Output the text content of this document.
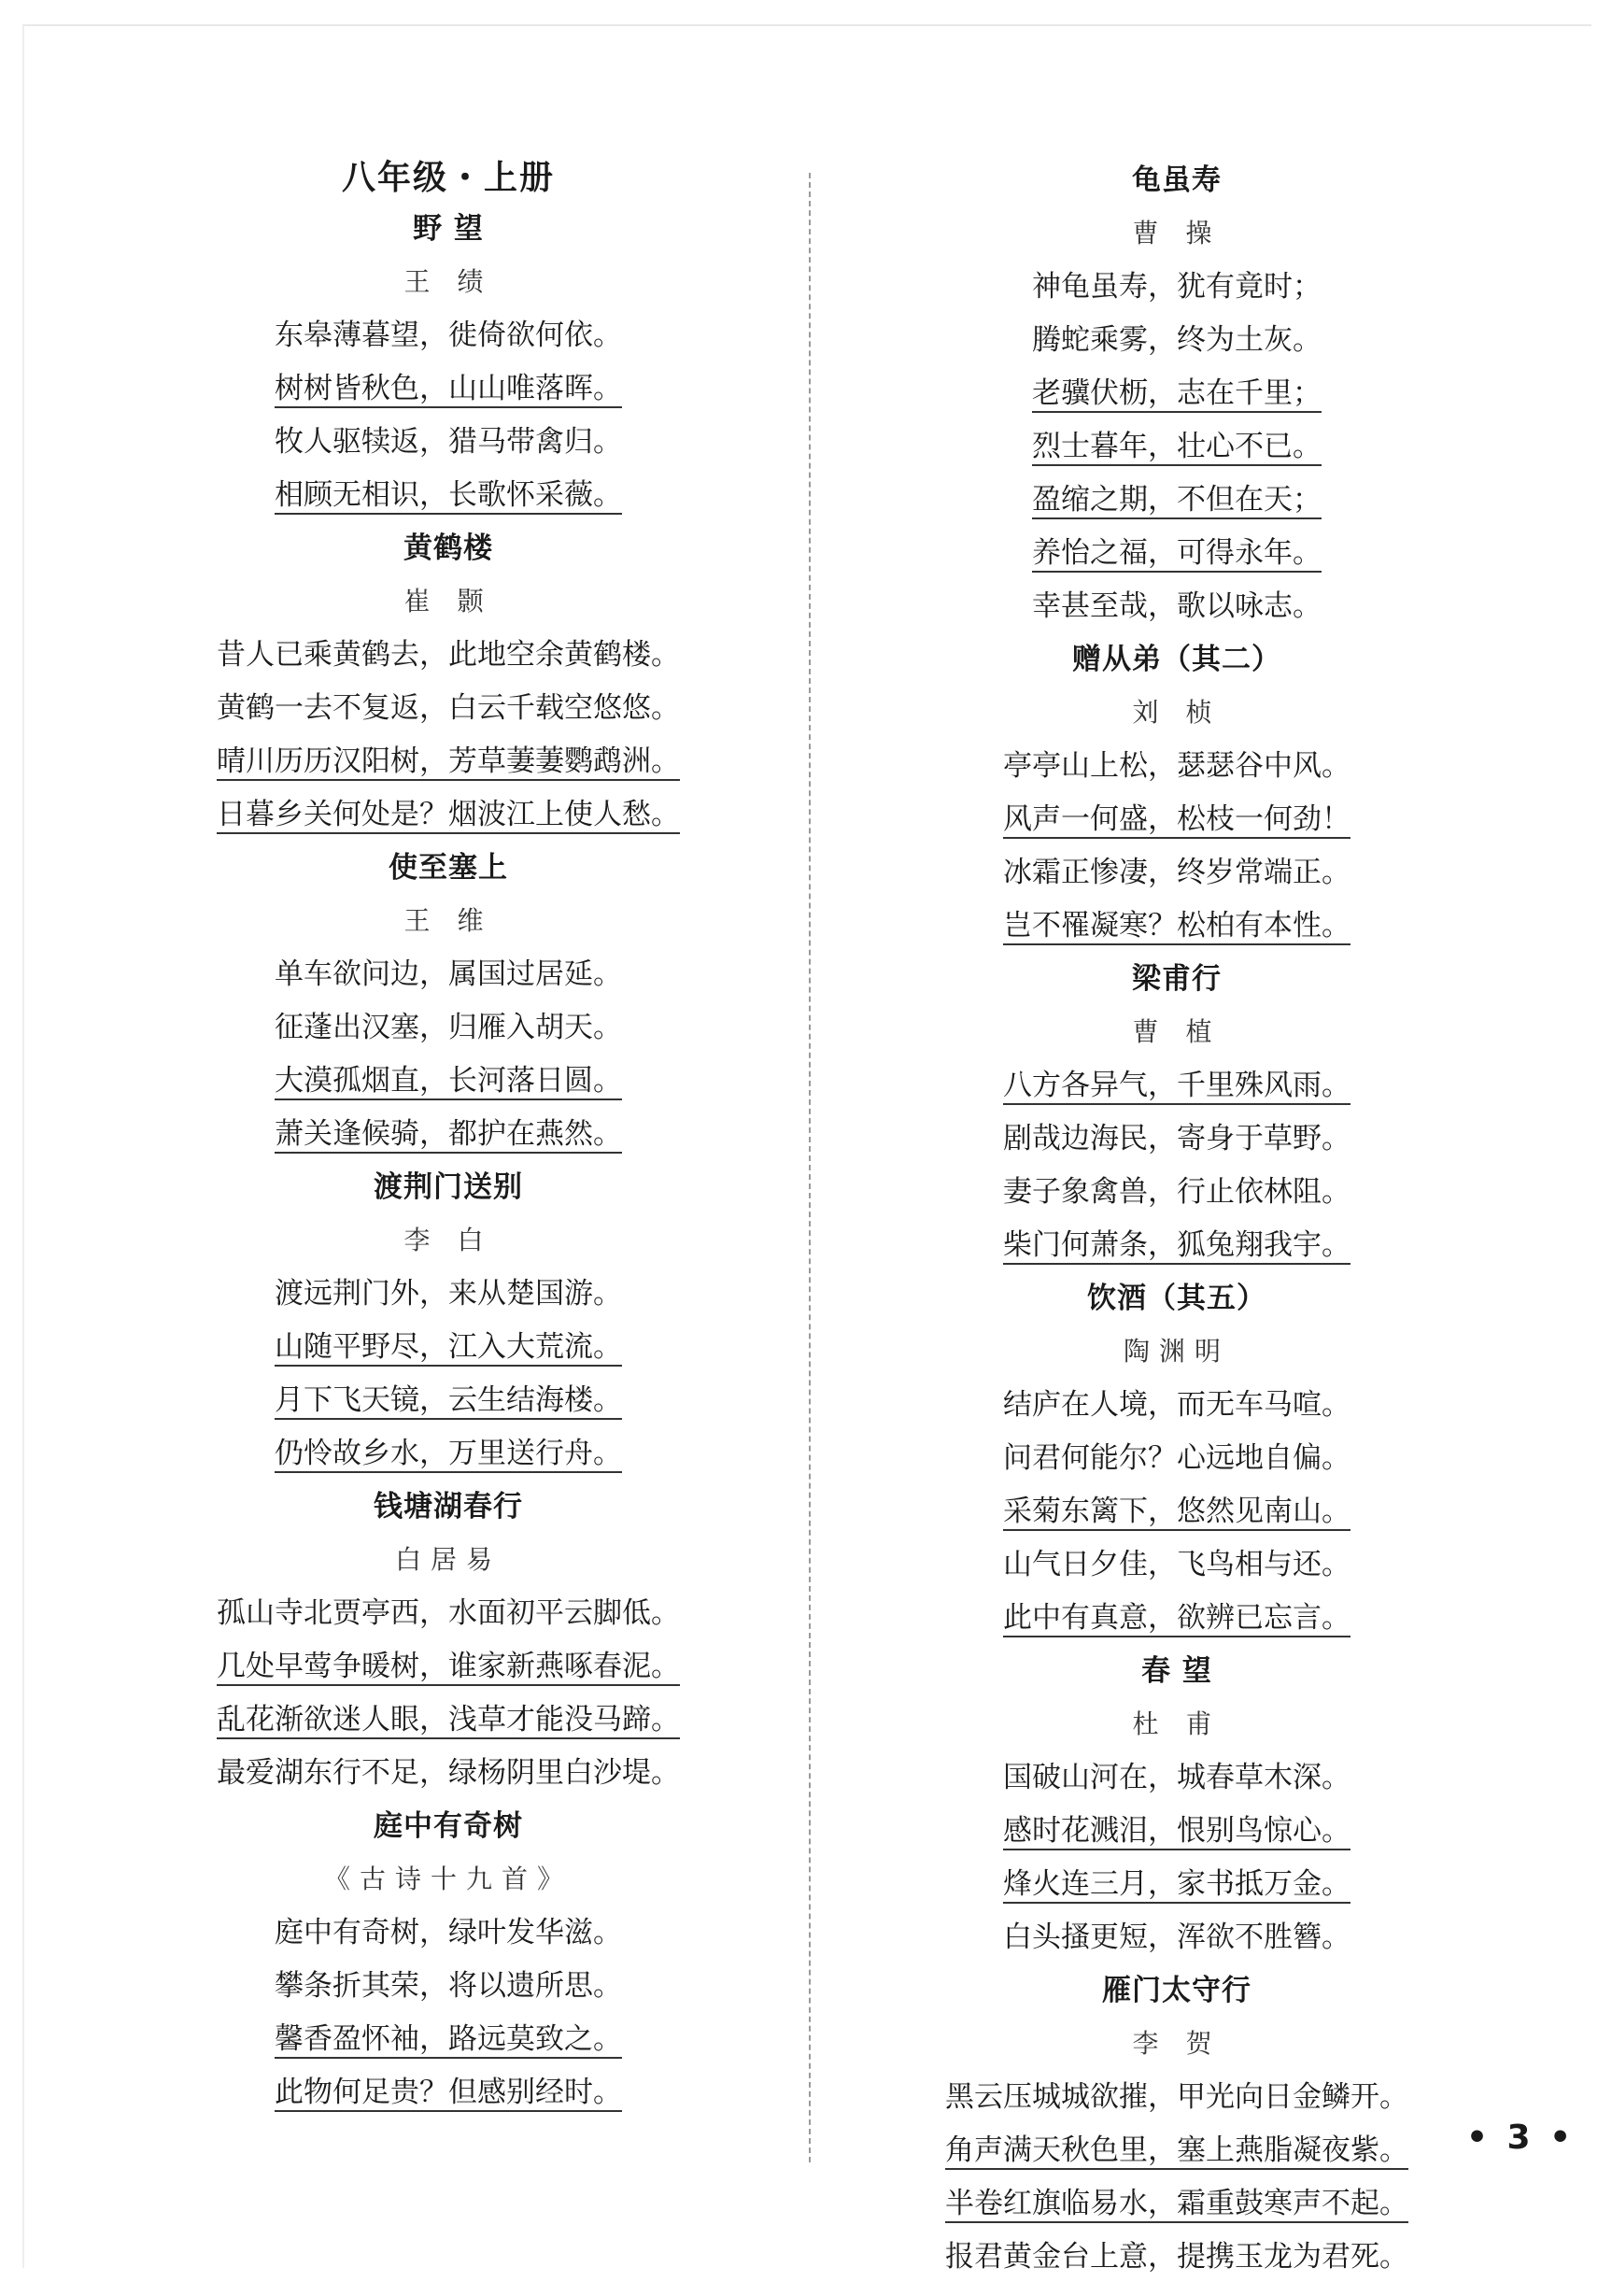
八年级・上册
野 望
王 绩
东皋薄暮望，徙倚欲何依。
树树皆秋色，山山唯落晖。
牧人驱犊返，猎马带禽归。
相顾无相识，长歌怀采薇。
黄鹤楼
崔 颢
昔人已乘黄鹤去，此地空余黄鹤楼。
黄鹤一去不复返，白云千载空悠悠。
晴川历历汉阳树，芳草萋萋鹦鹉洲。
日暮乡关何处是？烟波江上使人愁。
使至塞上
王 维
单车欲问边，属国过居延。
征蓬出汉塞，归雁入胡天。
大漠孤烟直，长河落日圆。
萧关逢候骑，都护在燕然。
渡荆门送别
李 白
渡远荆门外，来从楚国游。
山随平野尽，江入大荒流。
月下飞天镜，云生结海楼。
仍怜故乡水，万里送行舟。
钱塘湖春行
白居易
孤山寺北贾亭西，水面初平云脚低。
几处早莺争暖树，谁家新燕啄春泥。
乱花渐欲迷人眼，浅草才能没马蹄。
最爱湖东行不足，绿杨阴里白沙堤。
庭中有奇树
《古诗十九首》
庭中有奇树，绿叶发华滋。
攀条折其荣，将以遗所思。
馨香盈怀袖，路远莫致之。
此物何足贵？但感别经时。
龟虽寿
曹 操
神龟虽寿，犹有竟时；
腾蛇乘雾，终为土灰。
老骥伏枥，志在千里；
烈士暮年，壮心不已。
盈缩之期，不但在天；
养怡之福，可得永年。
幸甚至哉，歌以咏志。
赠从弟（其二）
刘 桢
亭亭山上松，瑟瑟谷中风。
风声一何盛，松枝一何劲！
冰霜正惨凄，终岁常端正。
岂不罹凝寒？松柏有本性。
梁甫行
曹 植
八方各异气，千里殊风雨。
剧哉边海民，寄身于草野。
妻子象禽兽，行止依林阻。
柴门何萧条，狐兔翔我宇。
饮酒（其五）
陶渊明
结庐在人境，而无车马喧。
问君何能尔？心远地自偏。
采菊东篱下，悠然见南山。
山气日夕佳，飞鸟相与还。
此中有真意，欲辨已忘言。
春 望
杜 甫
国破山河在，城春草木深。
感时花溅泪，恨别鸟惊心。
烽火连三月，家书抵万金。
白头搔更短，浑欲不胜簪。
雁门太守行
李 贺
黑云压城城欲摧，甲光向日金鳞开。
角声满天秋色里，塞上燕脂凝夜紫。
半卷红旗临易水，霜重鼓寒声不起。
报君黄金台上意，提携玉龙为君死。
• 3 •
